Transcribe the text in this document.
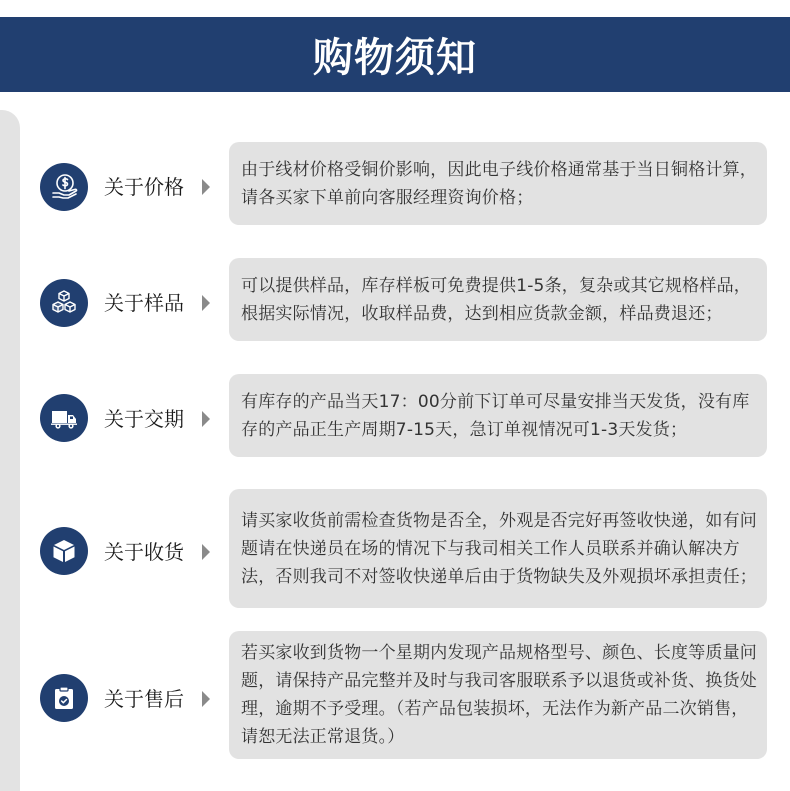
购物须知
关于价格

由于线材价格受铜价影响，因此电子线价格通常基于当日铜格计算，请各买家下单前向客服经理资询价格；

关于样品

可以提供样品，库存样板可免费提供1-5条，复杂或其它规格样品，根据实际情况，收取样品费，达到相应货款金额，样品费退还；

关于交期

有库存的产品当天17：00分前下订单可尽量安排当天发货，没有库存的产品正生产周期7-15天，急订单视情况可1-3天发货；

关于收货

请买家收货前需检查货物是否全，外观是否完好再签收快递，如有问题请在快递员在场的情况下与我司相关工作人员联系并确认解决方法，否则我司不对签收快递单后由于货物缺失及外观损坏承担责任；

关于售后

若买家收到货物一个星期内发现产品规格型号、颜色、长度等质量问题，请保持产品完整并及时与我司客服联系予以退货或补货、换货处理，逾期不予受理。（若产品包装损坏，无法作为新产品二次销售，请恕无法正常退货。）
